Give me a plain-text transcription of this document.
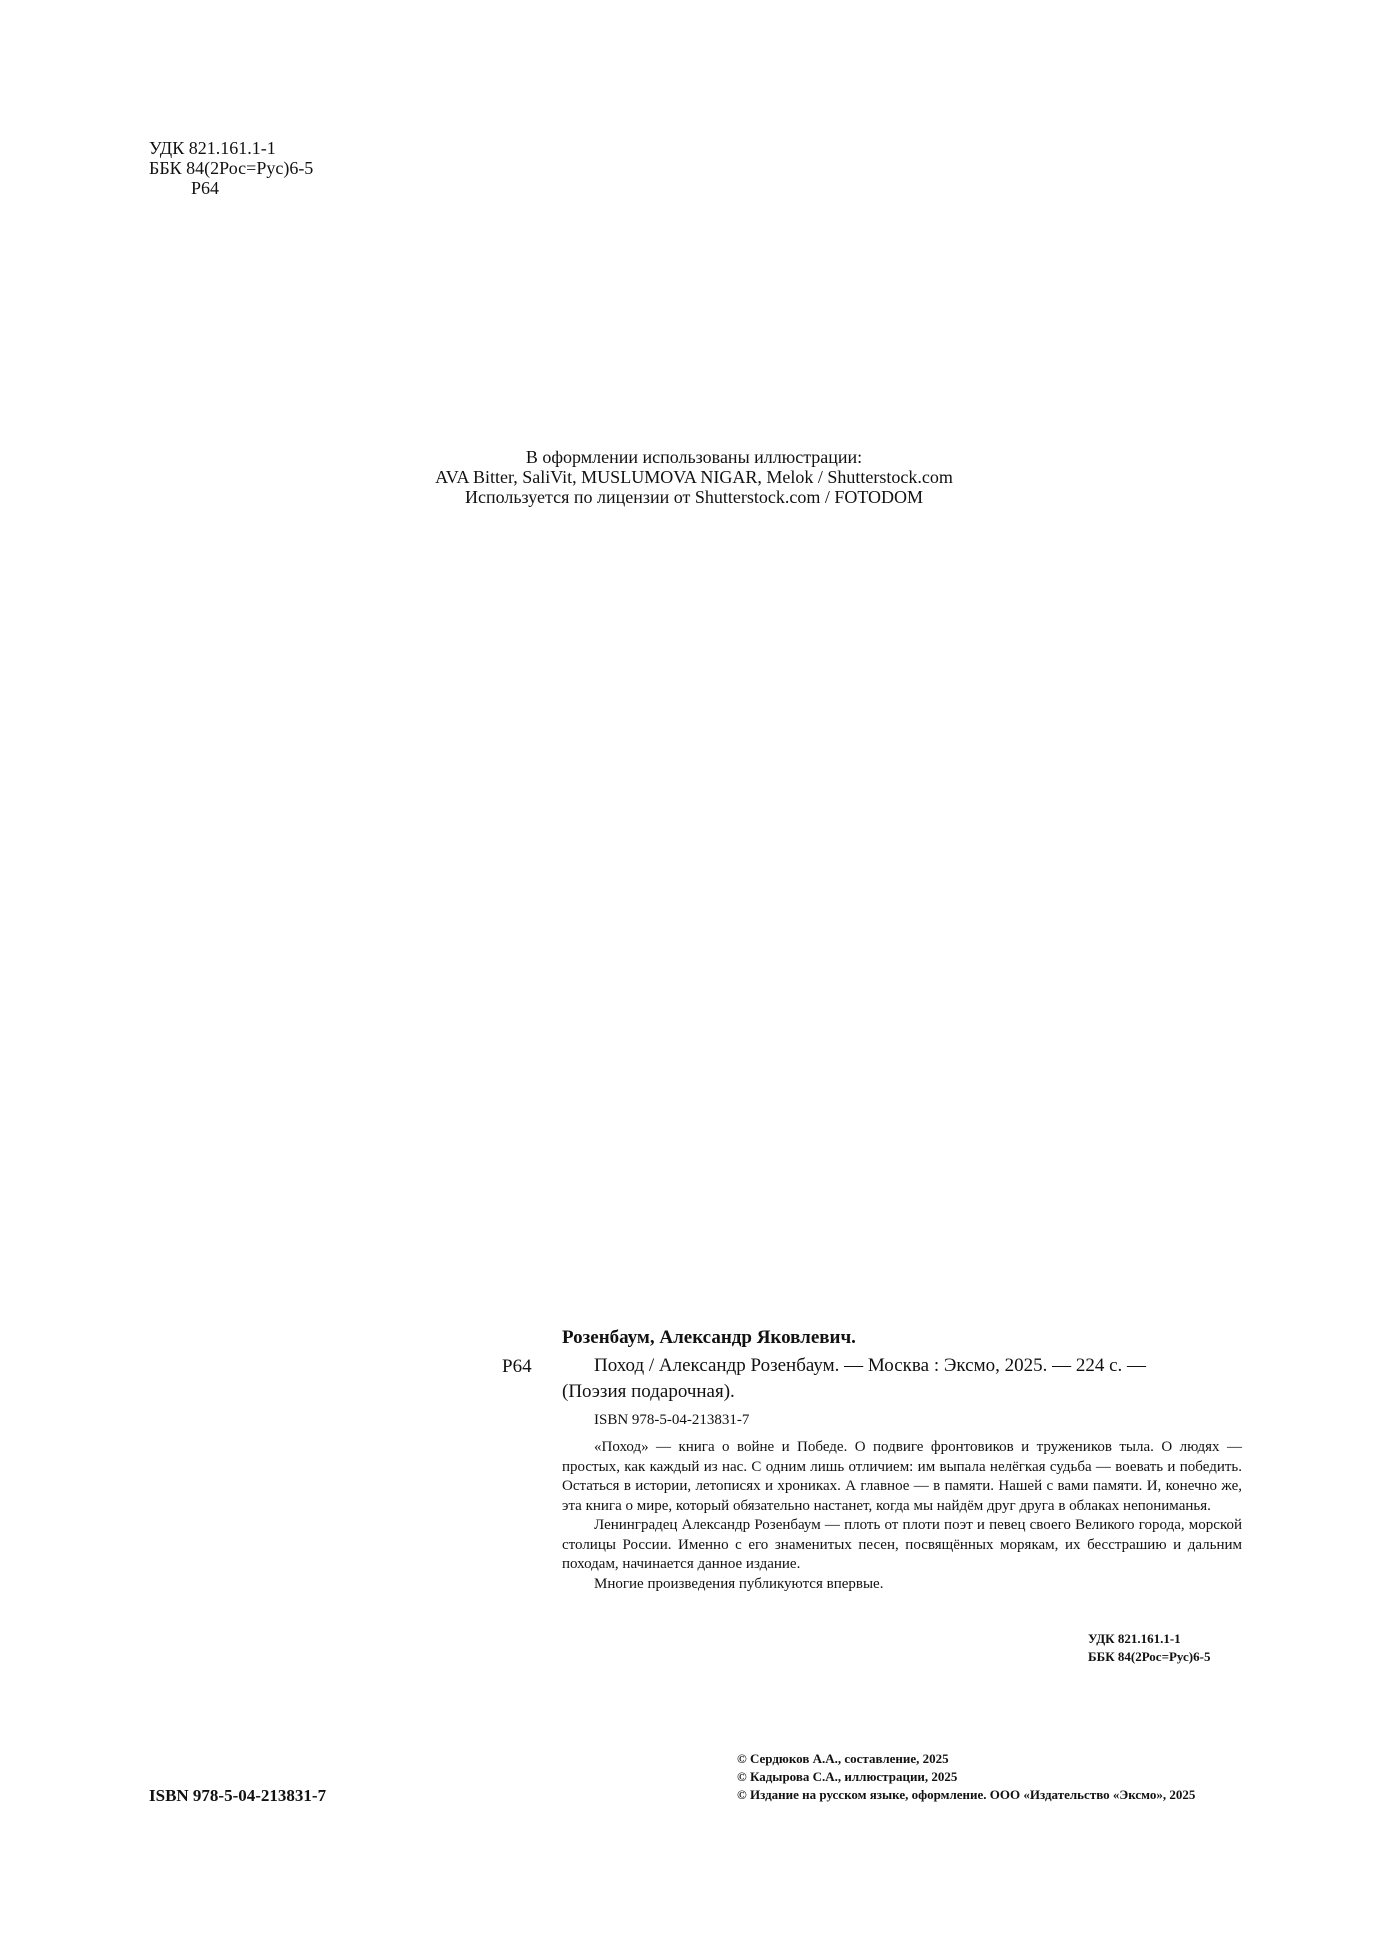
УДК 821.161.1-1
ББК 84(2Рос=Рус)6-5
Р64
В оформлении использованы иллюстрации:
AVA Bitter, SaliVit, MUSLUMOVA NIGAR, Melok / Shutterstock.com
Используется по лицензии от Shutterstock.com / FOTODOM
Р64
Розенбаум, Александр Яковлевич.
Поход / Александр Розенбаум. — Москва : Эксмо, 2025. — 224 с. —
(Поэзия подарочная).
ISBN 978-5-04-213831-7

«Поход» — книга о войне и Победе. О подвиге фронтовиков и тружеников тыла. О людях — простых, как каждый из нас. С одним лишь отличием: им выпала нелёгкая судьба — воевать и победить. Остаться в истории, летописях и хрониках. А главное — в памяти. Нашей с вами памяти. И, конечно же, эта книга о мире, который обязательно настанет, когда мы найдём друг друга в облаках непониманья.

Ленинградец Александр Розенбаум — плоть от плоти поэт и певец своего Великого города, морской столицы России. Именно с его знаменитых песен, посвящённых морякам, их бесстрашию и дальним походам, начинается данное издание.

Многие произведения публикуются впервые.

УДК 821.161.1-1
ББК 84(2Рос=Рус)6-5
© Сердюков А.А., составление, 2025
© Кадырова С.А., иллюстрации, 2025
© Издание на русском языке, оформление. ООО «Издательство «Эксмо», 2025
ISBN 978-5-04-213831-7
